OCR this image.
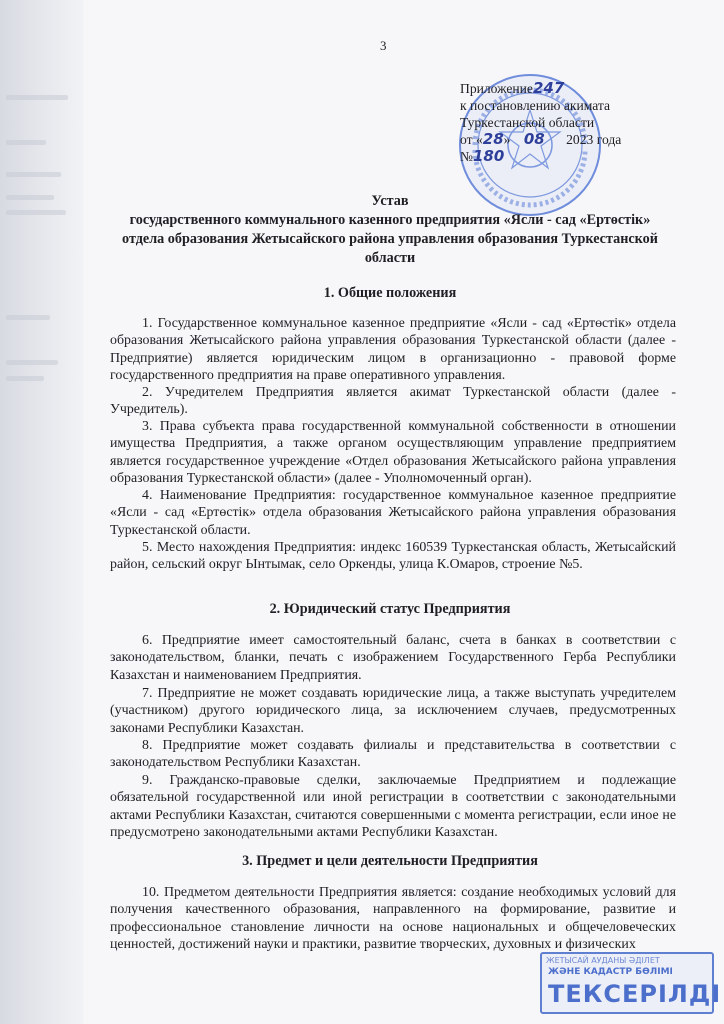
3
Приложение247
к постановлению акимата
Туркестанской области
от «28» 08 2023 года
№180
Устав
государственного коммунального казенного предприятия «Ясли - сад «Ертөстік»
отдела образования Жетысайского района управления образования Туркестанской
области
1. Общие положения

1. Государственное коммунальное казенное предприятие «Ясли - сад «Ертөстік» отдела образования Жетысайского района управления образования Туркестанской области (далее - Предприятие) является юридическим лицом в организационно - правовой форме государственного предприятия на праве оперативного управления.

2. Учредителем Предприятия является акимат Туркестанской области (далее - Учредитель).

3. Права субъекта права государственной коммунальной собственности в отношении имущества Предприятия, а также органом осуществляющим управление предприятием является государственное учреждение «Отдел образования Жетысайского района управления образования Туркестанской области» (далее - Уполномоченный орган).

4. Наименование Предприятия: государственное коммунальное казенное предприятие «Ясли - сад «Ертөстік» отдела образования Жетысайского района управления образования Туркестанской области.

5. Место нахождения Предприятия: индекс 160539 Туркестанская область, Жетысайский район, сельский округ Ынтымак, село Оркенды, улица К.Омаров, строение №5.

2. Юридический статус Предприятия

6. Предприятие имеет самостоятельный баланс, счета в банках в соответствии с законодательством, бланки, печать с изображением Государственного Герба Республики Казахстан и наименованием Предприятия.

7. Предприятие не может создавать юридические лица, а также выступать учредителем (участником) другого юридического лица, за исключением случаев, предусмотренных законами Республики Казахстан.

8. Предприятие может создавать филиалы и представительства в соответствии с законодательством Республики Казахстан.

9. Гражданско-правовые сделки, заключаемые Предприятием и подлежащие обязательной государственной или иной регистрации в соответствии с законодательными актами Республики Казахстан, считаются совершенными с момента регистрации, если иное не предусмотрено законодательными актами Республики Казахстан.

3. Предмет и цели деятельности Предприятия

10. Предметом деятельности Предприятия является: создание необходимых условий для получения качественного образования, направленного на формирование, развитие и профессиональное становление личности на основе национальных и общечеловеческих ценностей, достижений науки и практики, развитие творческих, духовных и физических

ЖЕТЫСАЙ АУДАНЫ ӘДІЛЕТ
ЖӘНЕ КАДАСТР БӨЛІМІ
ТЕКСЕРІЛДІ
